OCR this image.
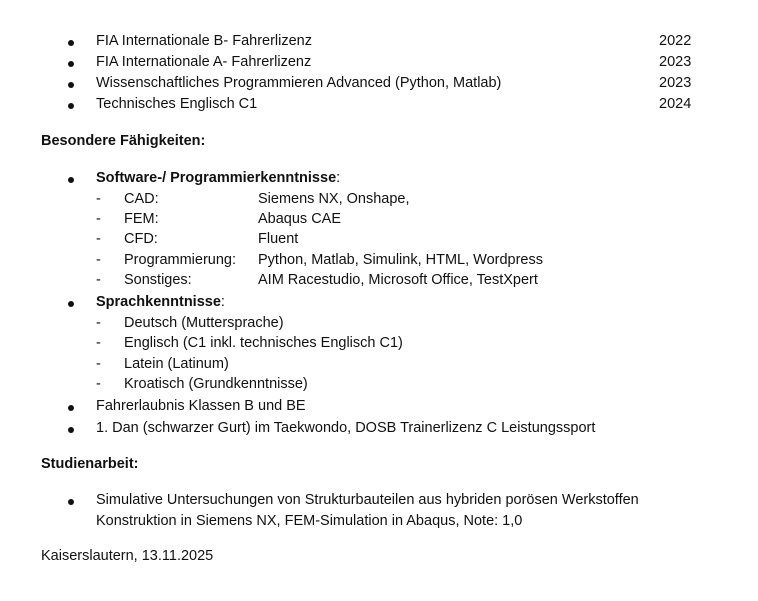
FIA Internationale B- Fahrerlizenz	2022
FIA Internationale A- Fahrerlizenz	2023
Wissenschaftliches Programmieren Advanced (Python, Matlab)	2023
Technisches Englisch C1	2024
Besondere Fähigkeiten:
Software-/ Programmierkenntnisse:
- CAD:	Siemens NX, Onshape,
- FEM:	Abaqus CAE
- CFD:	Fluent
- Programmierung: Python, Matlab, Simulink, HTML, Wordpress
- Sonstiges:	AIM Racestudio, Microsoft Office, TestXpert
Sprachkenntnisse:
- Deutsch (Muttersprache)
- Englisch (C1 inkl. technisches Englisch C1)
- Latein (Latinum)
- Kroatisch (Grundkenntnisse)
Fahrerlaubnis Klassen B und BE
1. Dan (schwarzer Gurt) im Taekwondo, DOSB Trainerlizenz C Leistungssport
Studienarbeit:
Simulative Untersuchungen von Strukturbauteilen aus hybriden porösen Werkstoffen
Konstruktion in Siemens NX, FEM-Simulation in Abaqus, Note: 1,0
Kaiserslautern, 13.11.2025
